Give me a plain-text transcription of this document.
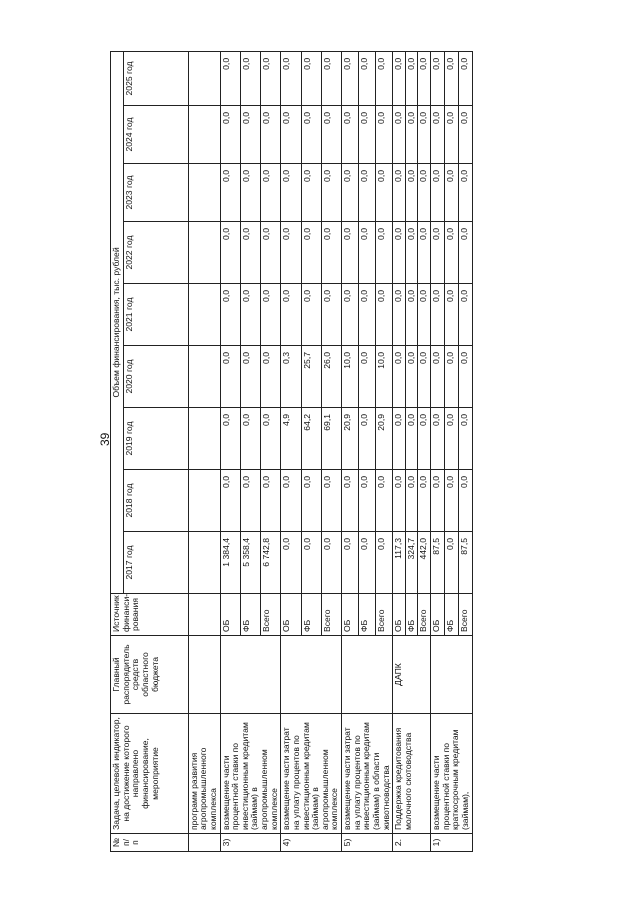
39
№ п/п	Задача, целевой индикатор, на достижение которого направлено финансирование, мероприятие	Главный распорядитель средств областного бюджета	Источник финанси- рования	Объем финансирования, тыс. рублей								
				2017 год	2018 год	2019 год	2020 год	2021 год	2022 год	2023 год	2024 год	2025 год
	программ развития агропромышленного комплекса											
3)	возмещение части процентной ставки по инвестиционным кредитам (займам) в агропромышленном комплексе		ОБ	1 384,4	0,0	0,0	0,0	0,0	0,0	0,0	0,0	0,0
			ФБ	5 358,4	0,0	0,0	0,0	0,0	0,0	0,0	0,0	0,0
			Всего	6 742,8	0,0	0,0	0,0	0,0	0,0	0,0	0,0	0,0
4)	возмещение части затрат на уплату процентов по инвестиционным кредитам (займам) в агропромышленном комплексе		ОБ	0,0	0,0	4,9	0,3	0,0	0,0	0,0	0,0	0,0
			ФБ	0,0	0,0	64,2	25,7	0,0	0,0	0,0	0,0	0,0
			Всего	0,0	0,0	69,1	26,0	0,0	0,0	0,0	0,0	0,0
5)	возмещение части затрат на уплату процентов по инвестиционным кредитам (займам) в области животноводства		ОБ	0,0	0,0	20,9	10,0	0,0	0,0	0,0	0,0	0,0
			ФБ	0,0	0,0	0,0	0,0	0,0	0,0	0,0	0,0	0,0
			Всего	0,0	0,0	20,9	10,0	0,0	0,0	0,0	0,0	0,0
2.	Поддержка кредитования молочного скотоводства	ДАПК	ОБ	117,3	0,0	0,0	0,0	0,0	0,0	0,0	0,0	0,0
			ФБ	324,7	0,0	0,0	0,0	0,0	0,0	0,0	0,0	0,0
			Всего	442,0	0,0	0,0	0,0	0,0	0,0	0,0	0,0	0,0
1)	возмещение части процентной ставки по краткосрочным кредитам (займам),		ОБ	87,5	0,0	0,0	0,0	0,0	0,0	0,0	0,0	0,0
			ФБ	0,0	0,0	0,0	0,0	0,0	0,0	0,0	0,0	0,0
			Всего	87,5	0,0	0,0	0,0	0,0	0,0	0,0	0,0	0,0
